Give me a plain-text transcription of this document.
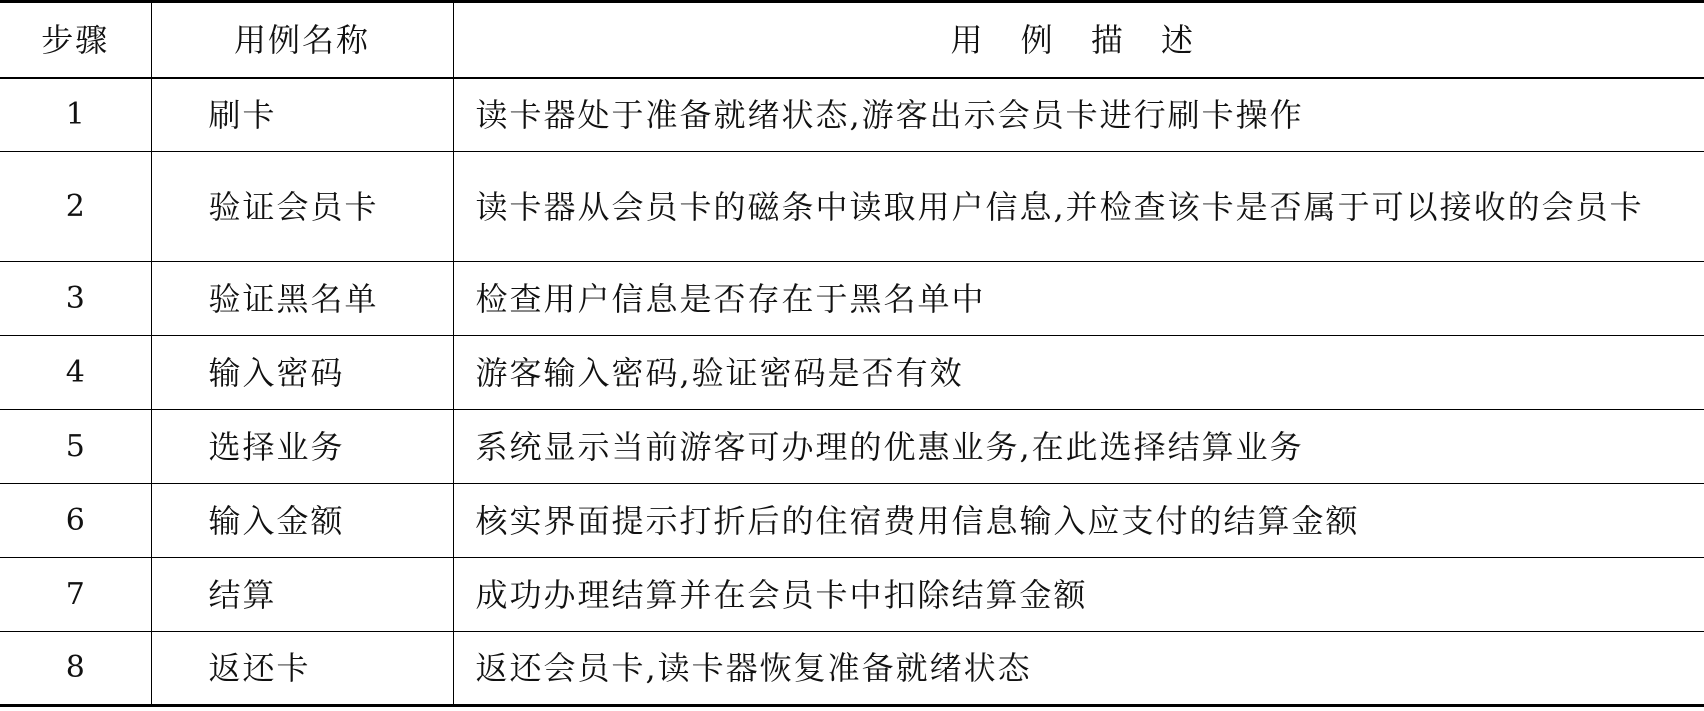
步骤	用例名称	用 例 描 述
1	刷卡	读卡器处于准备就绪状态,游客出示会员卡进行刷卡操作
2	验证会员卡	读卡器从会员卡的磁条中读取用户信息,并检查该卡是否属于可以接收的会员卡
3	验证黑名单	检查用户信息是否存在于黑名单中
4	输入密码	游客输入密码,验证密码是否有效
5	选择业务	系统显示当前游客可办理的优惠业务,在此选择结算业务
6	输入金额	核实界面提示打折后的住宿费用信息输入应支付的结算金额
7	结算	成功办理结算并在会员卡中扣除结算金额
8	返还卡	返还会员卡,读卡器恢复准备就绪状态
